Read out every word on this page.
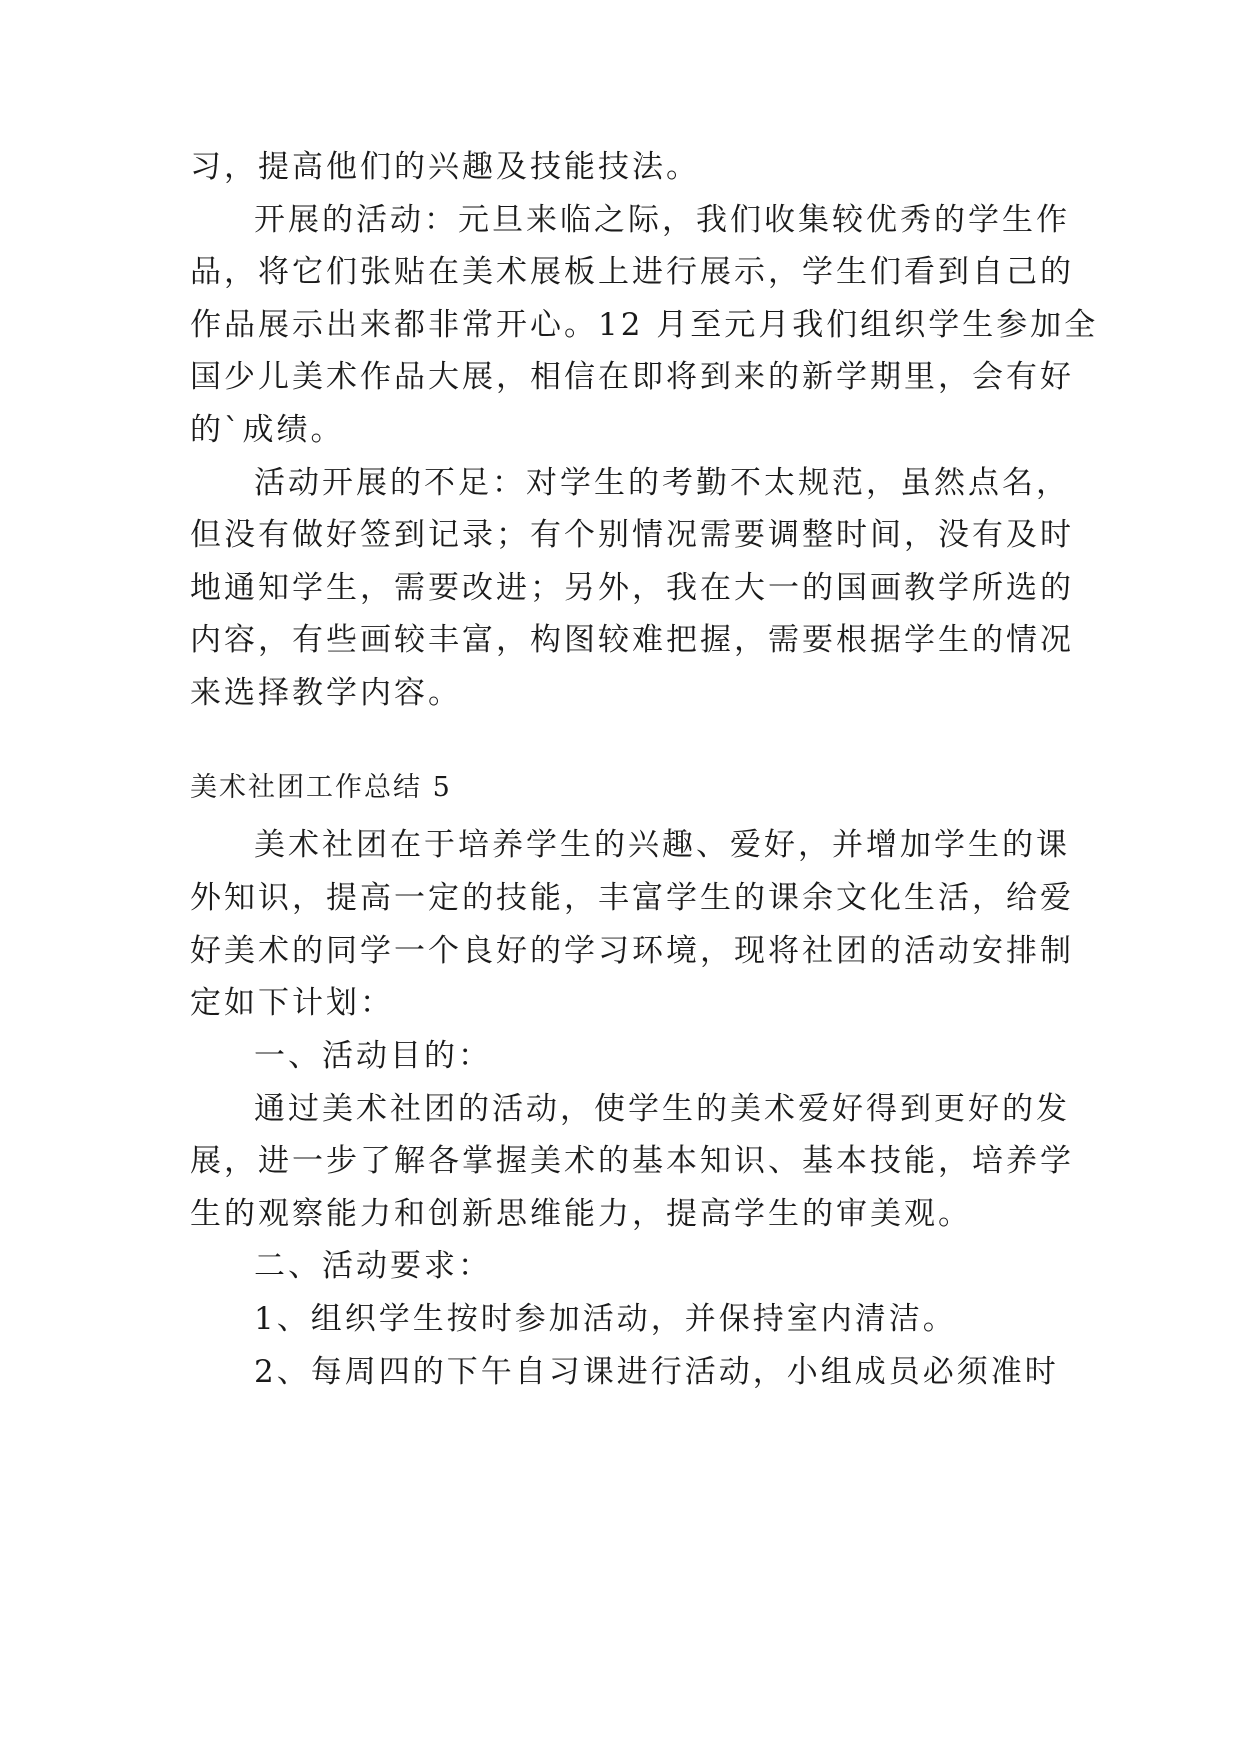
习，提高他们的兴趣及技能技法。
开展的活动：元旦来临之际，我们收集较优秀的学生作
品，将它们张贴在美术展板上进行展示，学生们看到自己的
作品展示出来都非常开心。12 月至元月我们组织学生参加全
国少儿美术作品大展，相信在即将到来的新学期里，会有好
的`成绩。
活动开展的不足：对学生的考勤不太规范，虽然点名，
但没有做好签到记录；有个别情况需要调整时间，没有及时
地通知学生，需要改进；另外，我在大一的国画教学所选的
内容，有些画较丰富，构图较难把握，需要根据学生的情况
来选择教学内容。
美术社团工作总结 5
美术社团在于培养学生的兴趣、爱好，并增加学生的课
外知识，提高一定的技能，丰富学生的课余文化生活，给爱
好美术的同学一个良好的学习环境，现将社团的活动安排制
定如下计划：
一、活动目的：
通过美术社团的活动，使学生的美术爱好得到更好的发
展，进一步了解各掌握美术的基本知识、基本技能，培养学
生的观察能力和创新思维能力，提高学生的审美观。
二、活动要求：
1、组织学生按时参加活动，并保持室内清洁。
2、每周四的下午自习课进行活动，小组成员必须准时
